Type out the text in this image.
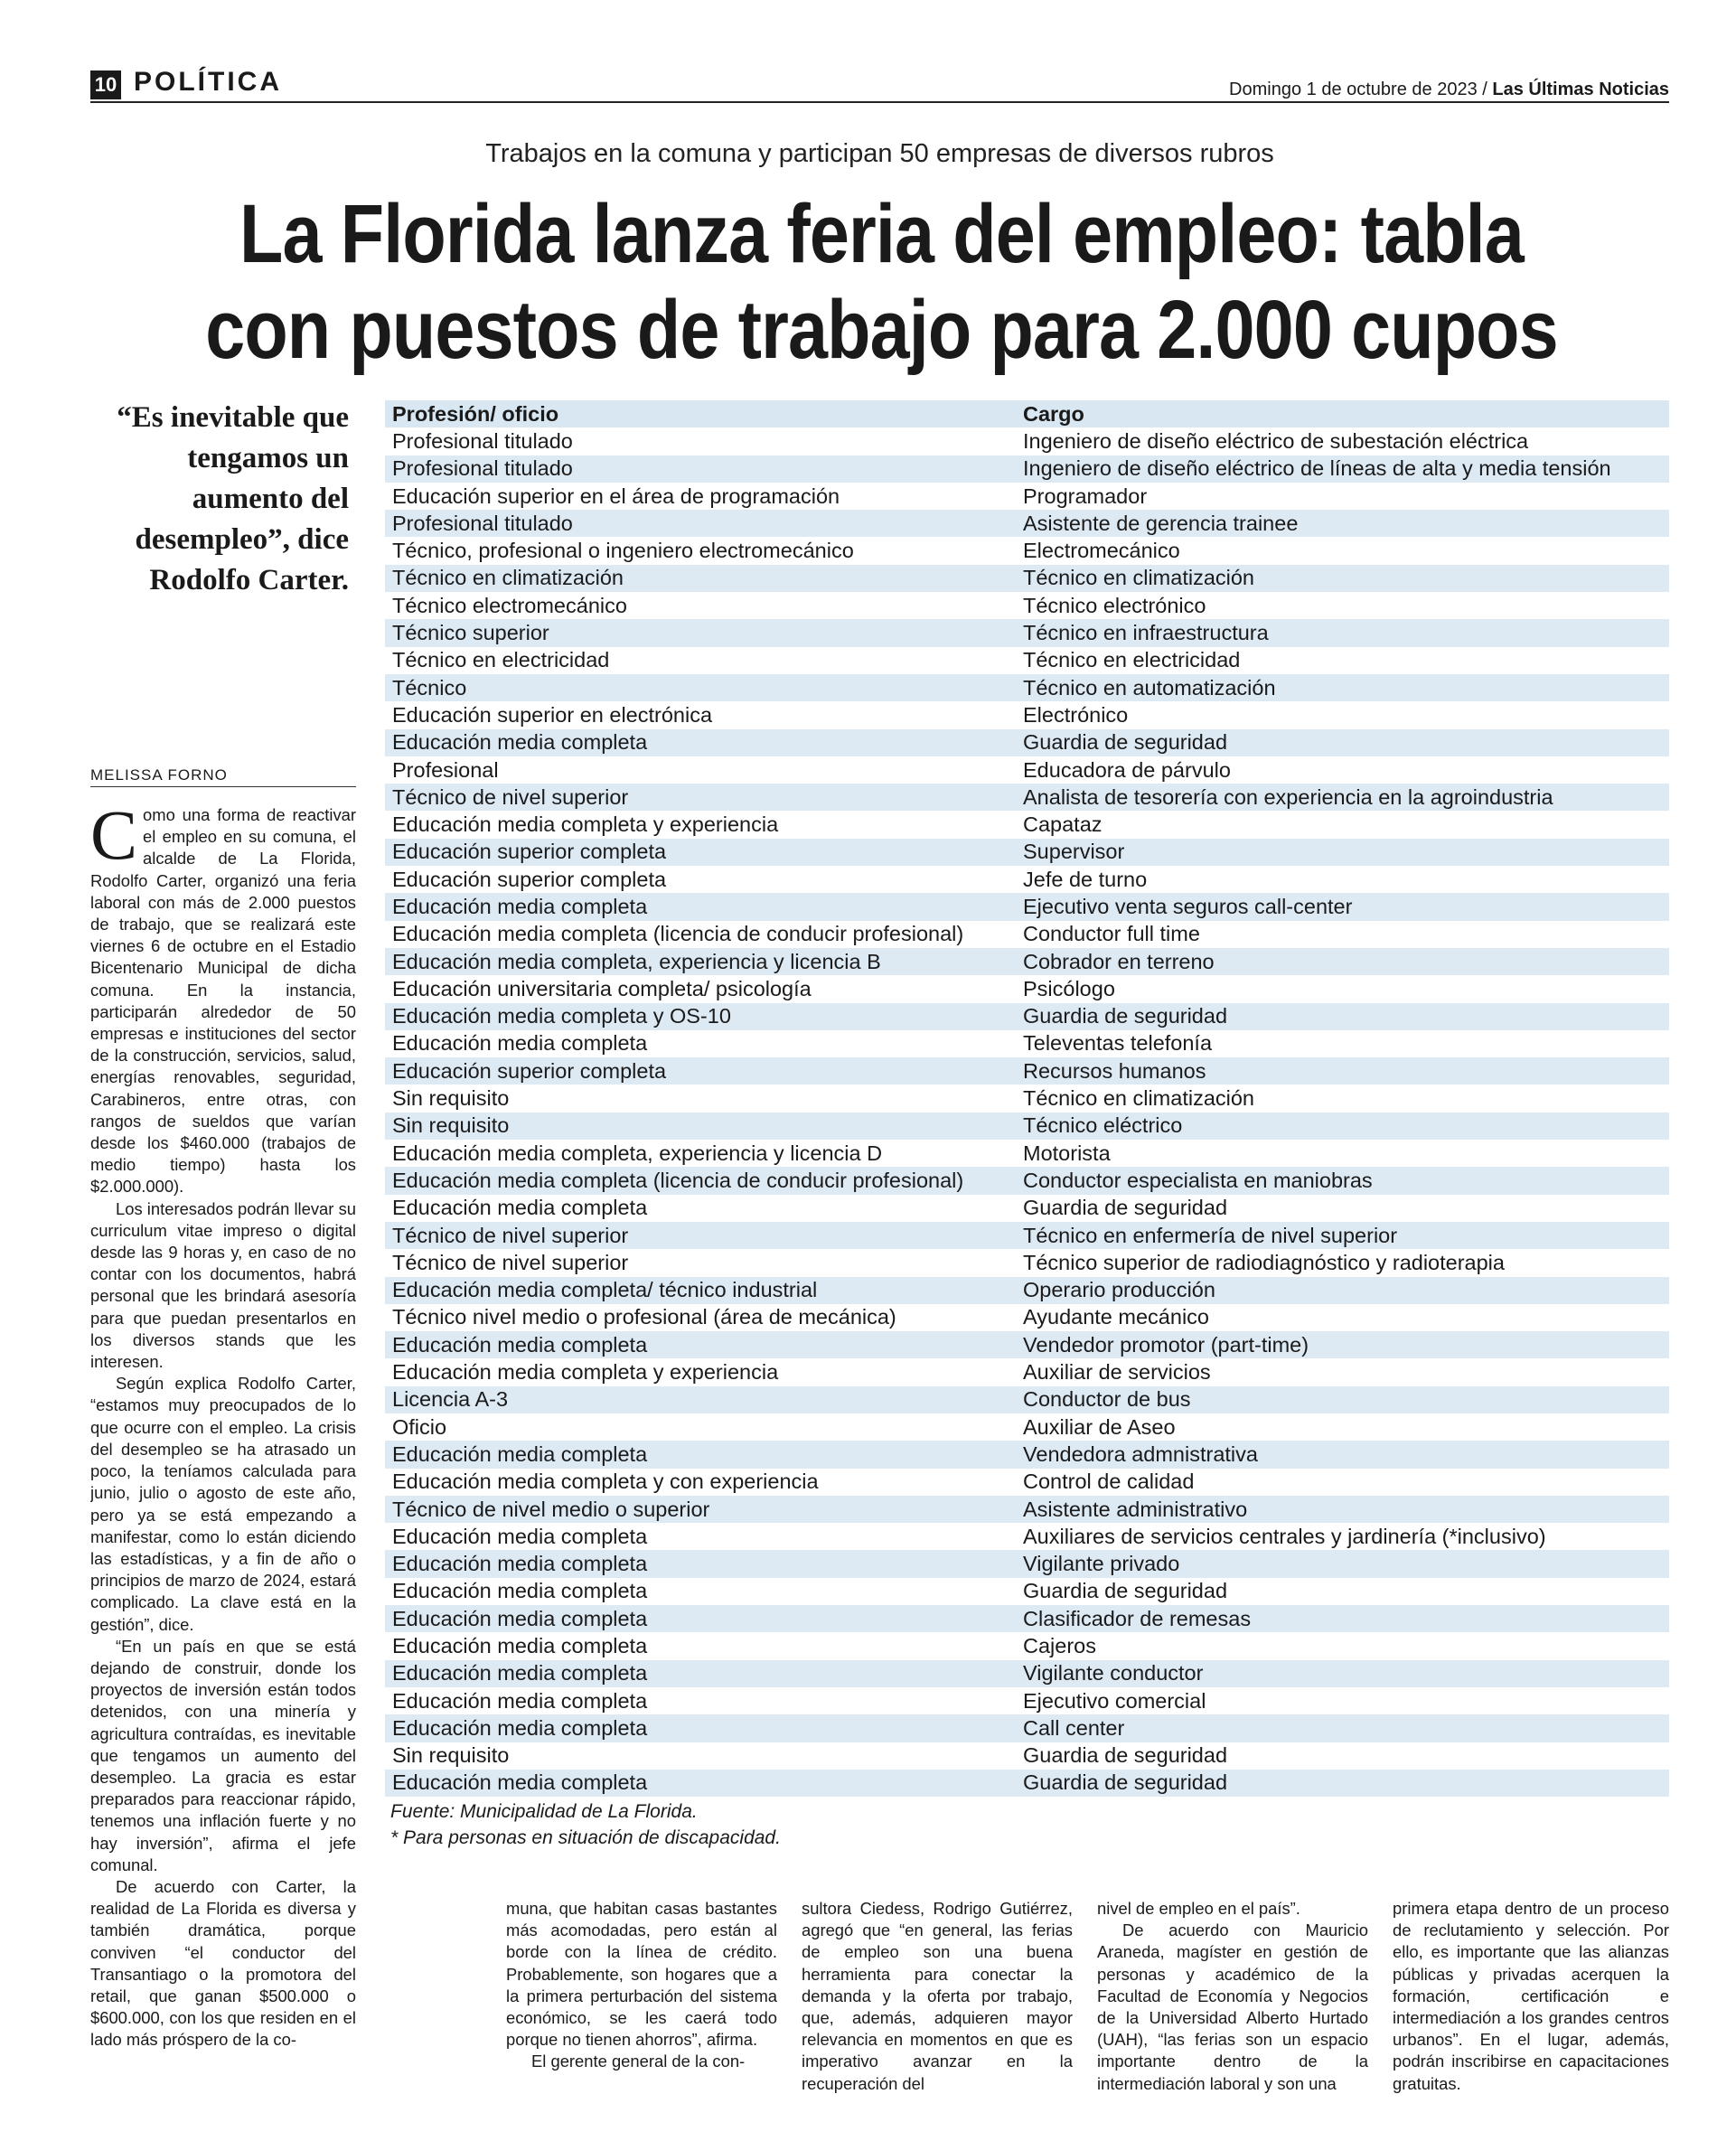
10 POLÍTICA	Domingo 1 de octubre de 2023 / Las Últimas Noticias
Trabajos en la comuna y participan 50 empresas de diversos rubros
La Florida lanza feria del empleo: tabla con puestos de trabajo para 2.000 cupos
“Es inevitable que tengamos un aumento del desempleo”, dice Rodolfo Carter.
MELISSA FORNO

Como una forma de reactivar el empleo en su comuna, el alcalde de La Florida, Rodolfo Carter, organizó una feria laboral con más de 2.000 puestos de trabajo, que se realizará este viernes 6 de octubre en el Estadio Bicentenario Municipal de dicha comuna. En la instancia, participarán alrededor de 50 empresas e instituciones del sector de la construcción, servicios, salud, energías renovables, seguridad, Carabineros, entre otras, con rangos de sueldos que varían desde los $460.000 (trabajos de medio tiempo) hasta los $2.000.000).

Los interesados podrán llevar su curriculum vitae impreso o digital desde las 9 horas y, en caso de no contar con los documentos, habrá personal que les brindará asesoría para que puedan presentarlos en los diversos stands que les interesen.

Según explica Rodolfo Carter, “estamos muy preocupados de lo que ocurre con el empleo. La crisis del desempleo se ha atrasado un poco, la teníamos calculada para junio, julio o agosto de este año, pero ya se está empezando a manifestar, como lo están diciendo las estadísticas, y a fin de año o principios de marzo de 2024, estará complicado. La clave está en la gestión”, dice.

“En un país en que se está dejando de construir, donde los proyectos de inversión están todos detenidos, con una minería y agricultura contraídas, es inevitable que tengamos un aumento del desempleo. La gracia es estar preparados para reaccionar rápido, tenemos una inflación fuerte y no hay inversión”, afirma el jefe comunal.

De acuerdo con Carter, la realidad de La Florida es diversa y también dramática, porque conviven “el conductor del Transantiago o la promotora del retail, que ganan $500.000 o $600.000, con los que residen en el lado más próspero de la co-

Profesión/ oficio	Cargo
Profesional titulado	Ingeniero de diseño eléctrico de subestación eléctrica
Profesional titulado	Ingeniero de diseño eléctrico de líneas de alta y media tensión
Educación superior en el área de programación	Programador
Profesional titulado	Asistente de gerencia trainee
Técnico, profesional o ingeniero electromecánico	Electromecánico
Técnico en climatización	Técnico en climatización
Técnico electromecánico	Técnico electrónico
Técnico superior	Técnico en infraestructura
Técnico en electricidad	Técnico en electricidad
Técnico	Técnico en automatización
Educación superior en electrónica	Electrónico
Educación media completa	Guardia de seguridad
Profesional	Educadora de párvulo
Técnico de nivel superior	Analista de tesorería con experiencia en la agroindustria
Educación media completa y experiencia	Capataz
Educación superior completa	Supervisor
Educación superior completa	Jefe de turno
Educación media completa	Ejecutivo venta seguros call-center
Educación media completa (licencia de conducir profesional)	Conductor full time
Educación media completa, experiencia y licencia B	Cobrador en terreno
Educación universitaria completa/ psicología	Psicólogo
Educación media completa y OS-10	Guardia de seguridad
Educación media completa	Televentas telefonía
Educación superior completa	Recursos humanos
Sin requisito	Técnico en climatización
Sin requisito	Técnico eléctrico
Educación media completa, experiencia y licencia D	Motorista
Educación media completa (licencia de conducir profesional)	Conductor especialista en maniobras
Educación media completa	Guardia de seguridad
Técnico de nivel superior	Técnico en enfermería de nivel superior
Técnico de nivel superior	Técnico superior de radiodiagnóstico y radioterapia
Educación media completa/ técnico industrial	Operario producción
Técnico nivel medio o profesional (área de mecánica)	Ayudante mecánico
Educación media completa	Vendedor promotor (part-time)
Educación media completa y experiencia	Auxiliar de servicios
Licencia A-3	Conductor de bus
Oficio	Auxiliar de Aseo
Educación media completa	Vendedora admnistrativa
Educación media completa y con experiencia	Control de calidad
Técnico de nivel medio o superior	Asistente administrativo
Educación media completa	Auxiliares de servicios centrales y jardinería (*inclusivo)
Educación media completa	Vigilante privado
Educación media completa	Guardia de seguridad
Educación media completa	Clasificador de remesas
Educación media completa	Cajeros
Educación media completa	Vigilante conductor
Educación media completa	Ejecutivo comercial
Educación media completa	Call center
Sin requisito	Guardia de seguridad
Educación media completa	Guardia de seguridad
Fuente: Municipalidad de La Florida.
* Para personas en situación de discapacidad.

muna, que habitan casas bastantes más acomodadas, pero están al borde con la línea de crédito. Probablemente, son hogares que a la primera perturbación del sistema económico, se les caerá todo porque no tienen ahorros”, afirma.

El gerente general de la con-

sultora Ciedess, Rodrigo Gutiérrez, agregó que “en general, las ferias de empleo son una buena herramienta para conectar la demanda y la oferta por trabajo, que, además, adquieren mayor relevancia en momentos en que es imperativo avanzar en la recuperación del

nivel de empleo en el país”.

De acuerdo con Mauricio Araneda, magíster en gestión de personas y académico de la Facultad de Economía y Negocios de la Universidad Alberto Hurtado (UAH), “las ferias son un espacio importante dentro de la intermediación laboral y son una

primera etapa dentro de un proceso de reclutamiento y selección. Por ello, es importante que las alianzas públicas y privadas acerquen la formación, certificación e intermediación a los grandes centros urbanos”. En el lugar, además, podrán inscribirse en capacitaciones gratuitas.
